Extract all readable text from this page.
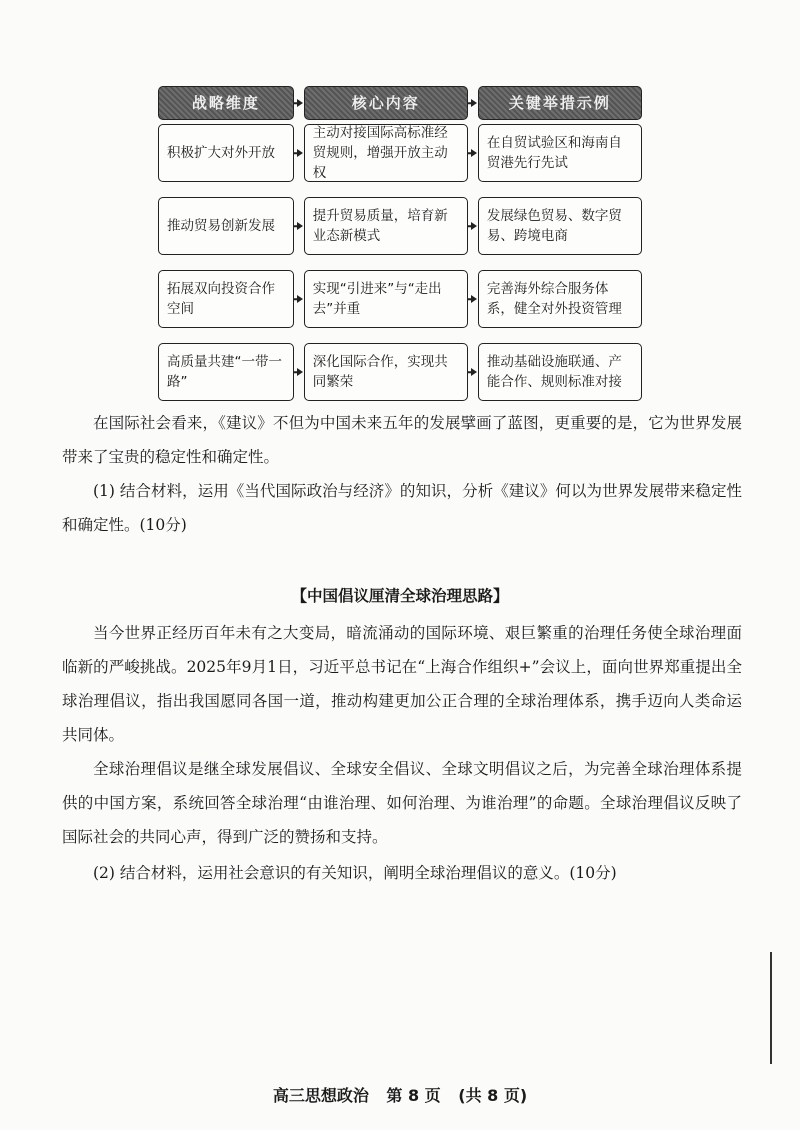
战略维度	核心内容	关键举措示例
积极扩大对外开放
主动对接国际高标准经贸规则，增强开放主动权
在自贸试验区和海南自贸港先行先试
推动贸易创新发展
提升贸易质量，培育新业态新模式
发展绿色贸易、数字贸易、跨境电商
拓展双向投资合作空间
实现“引进来”与“走出去”并重
完善海外综合服务体系，健全对外投资管理
高质量共建“一带一路”
深化国际合作，实现共同繁荣
推动基础设施联通、产能合作、规则标准对接

在国际社会看来，《建议》不但为中国未来五年的发展擘画了蓝图，更重要的是，它为世界发展带来了宝贵的稳定性和确定性。

(1) 结合材料，运用《当代国际政治与经济》的知识，分析《建议》何以为世界发展带来稳定性和确定性。(10分)

【中国倡议厘清全球治理思路】

当今世界正经历百年未有之大变局，暗流涌动的国际环境、艰巨繁重的治理任务使全球治理面临新的严峻挑战。2025年9月1日，习近平总书记在“上海合作组织+”会议上，面向世界郑重提出全球治理倡议，指出我国愿同各国一道，推动构建更加公正合理的全球治理体系，携手迈向人类命运共同体。

全球治理倡议是继全球发展倡议、全球安全倡议、全球文明倡议之后，为完善全球治理体系提供的中国方案，系统回答全球治理“由谁治理、如何治理、为谁治理”的命题。全球治理倡议反映了国际社会的共同心声，得到广泛的赞扬和支持。

(2) 结合材料，运用社会意识的有关知识，阐明全球治理倡议的意义。(10分)

高三思想政治 第 8 页 (共 8 页)
